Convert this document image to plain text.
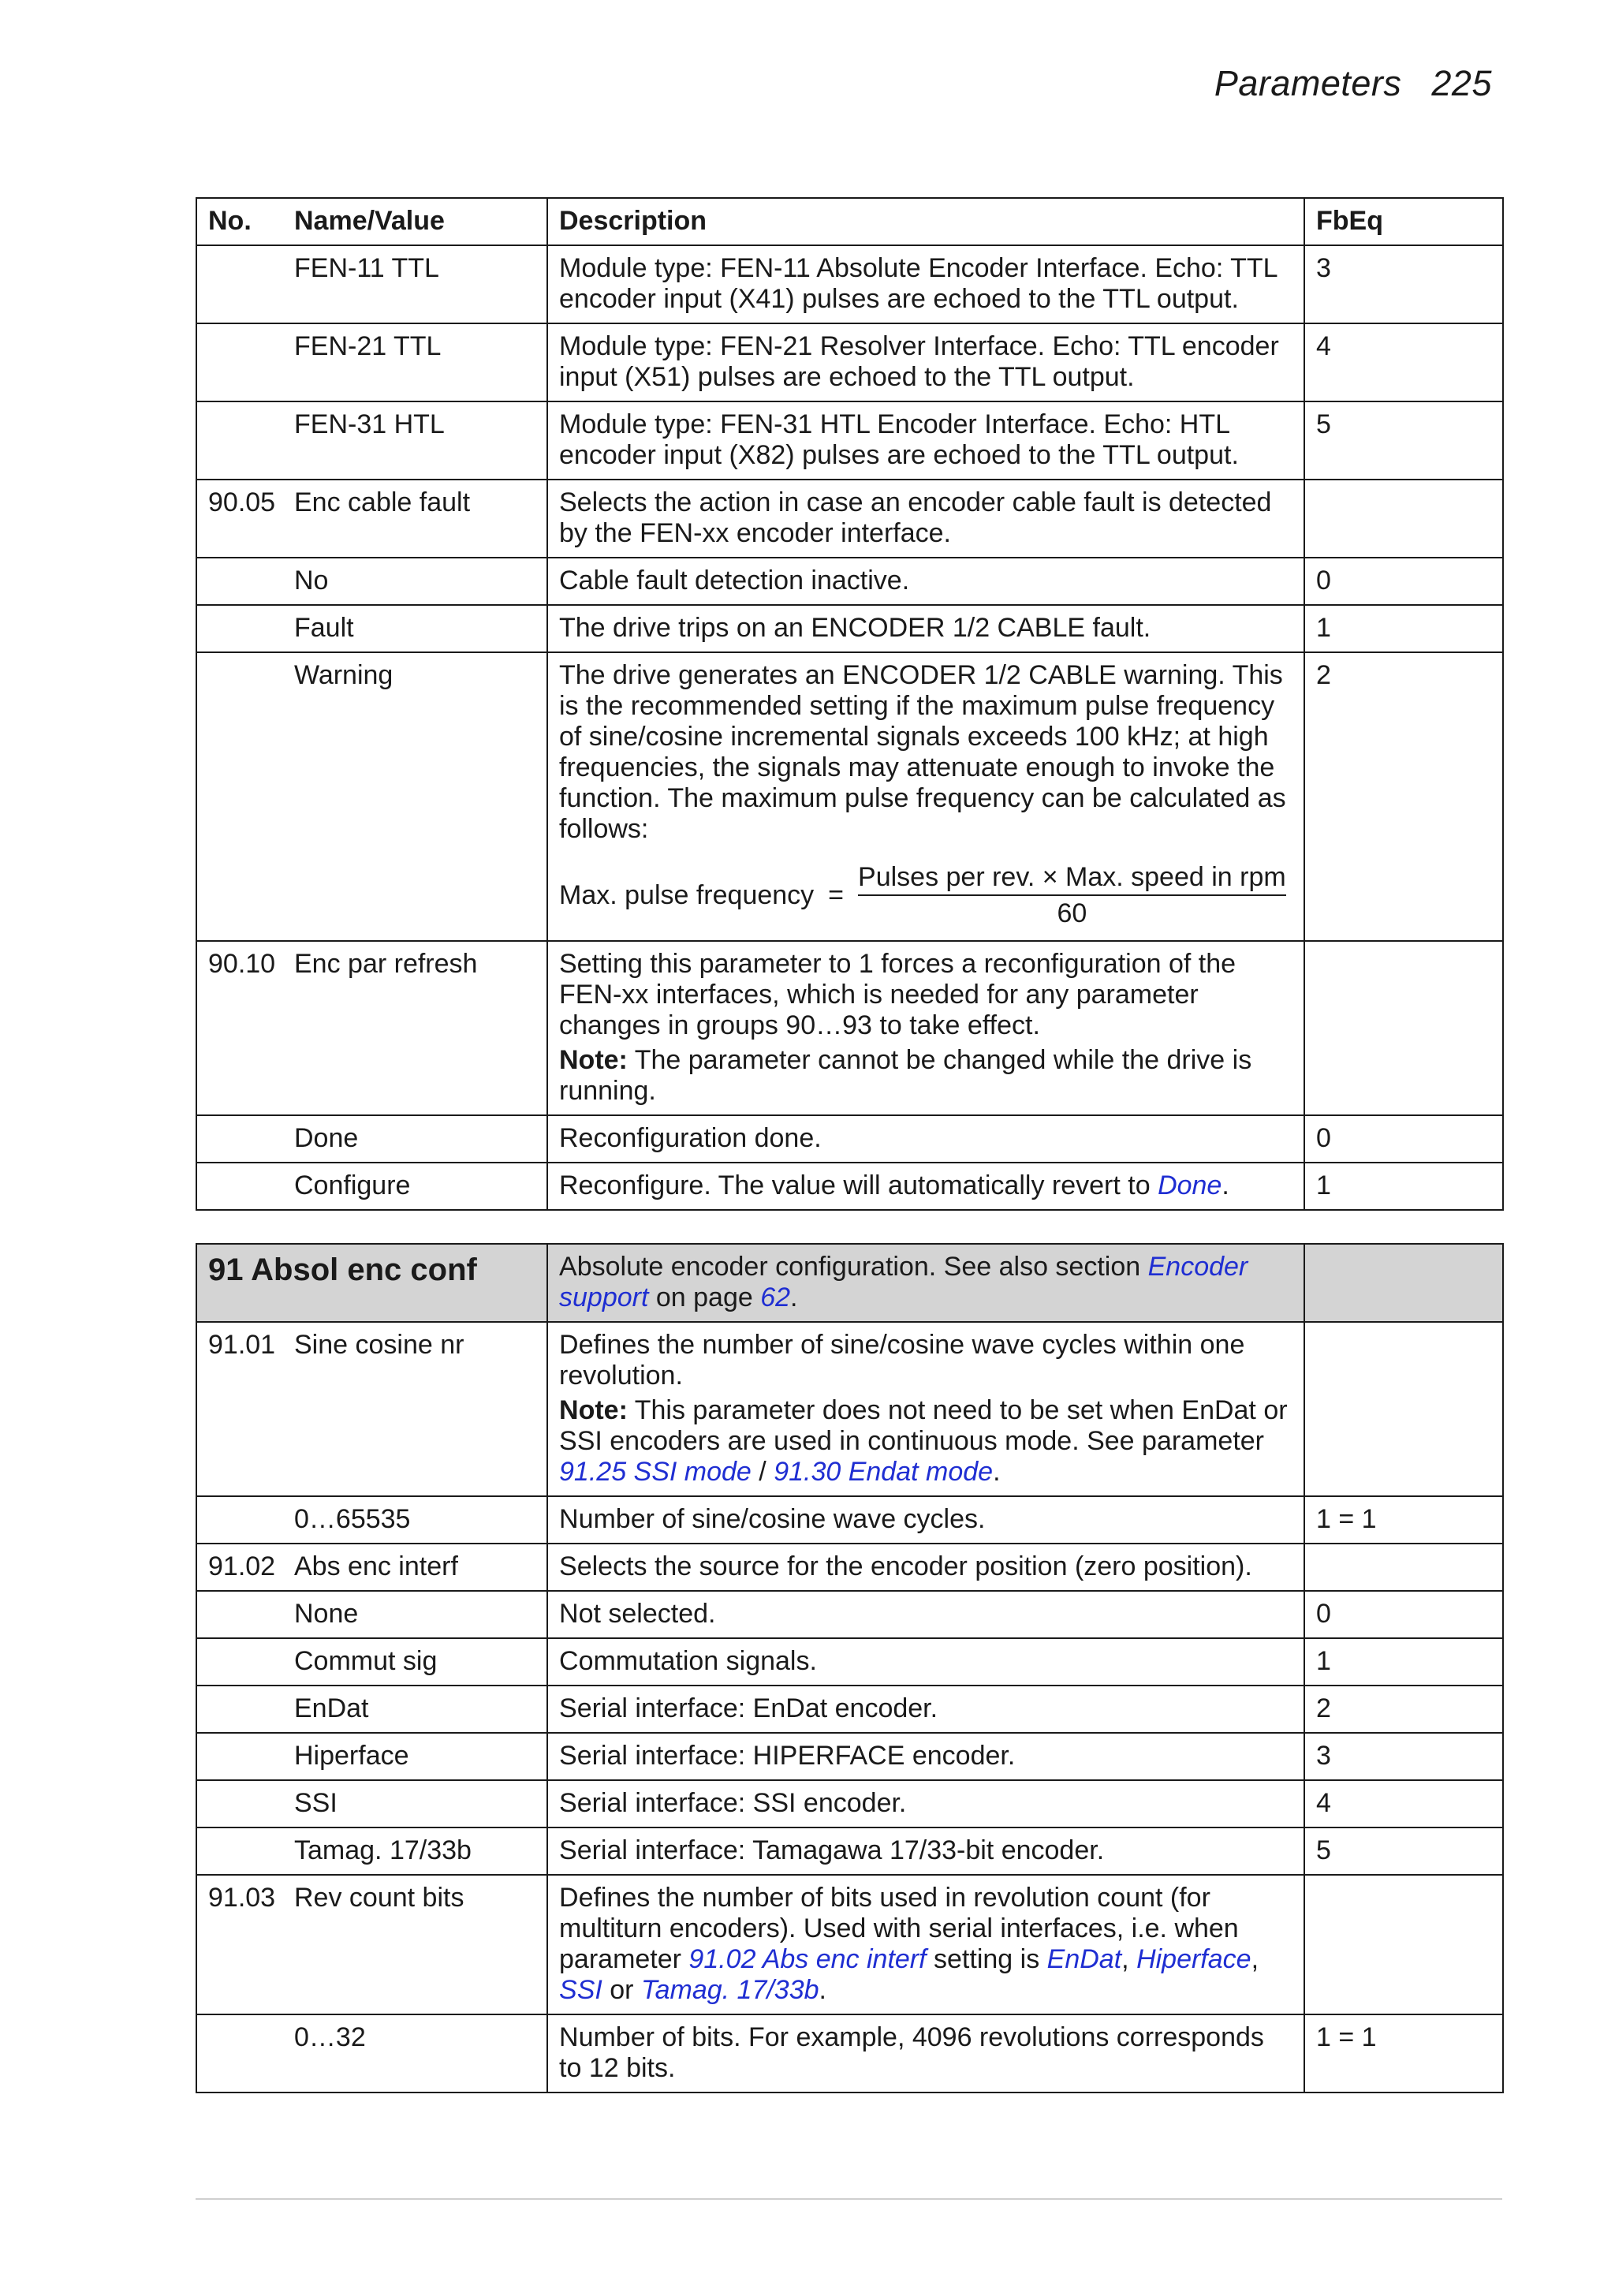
Parameters 225
No.	Name/Value	Description	FbEq
	FEN-11 TTL	Module type: FEN-11 Absolute Encoder Interface. Echo: TTL encoder input (X41) pulses are echoed to the TTL output.	3
	FEN-21 TTL	Module type: FEN-21 Resolver Interface. Echo: TTL encoder input (X51) pulses are echoed to the TTL output.	4
	FEN-31 HTL	Module type: FEN-31 HTL Encoder Interface. Echo: HTL encoder input (X82) pulses are echoed to the TTL output.	5
90.05	Enc cable fault	Selects the action in case an encoder cable fault is detected by the FEN-xx encoder interface.	
	No	Cable fault detection inactive.	0
	Fault	The drive trips on an ENCODER 1/2 CABLE fault.	1
	Warning	The drive generates an ENCODER 1/2 CABLE warning. This is the recommended setting if the maximum pulse frequency of sine/cosine incremental signals exceeds 100 kHz; at high frequencies, the signals may attenuate enough to invoke the function. The maximum pulse frequency can be calculated as follows:
Max. pulse frequency = $\frac{\text{Pulses per rev. × Max. speed in rpm}}{60}$	2
90.10	Enc par refresh	Setting this parameter to 1 forces a reconfiguration of the FEN-xx interfaces, which is needed for any parameter changes in groups 90…93 to take effect.
Note: The parameter cannot be changed while the drive is running.	

	Done	Reconfiguration done.	0
	Configure	Reconfigure. The value will automatically revert to Done.	1
91 Absol enc conf		Absolute encoder configuration. See also section Encoder support on page 62.	
91.01	Sine cosine nr	Defines the number of sine/cosine wave cycles within one revolution.
Note: This parameter does not need to be set when EnDat or SSI encoders are used in continuous mode. See parameter 91.25 SSI mode / 91.30 Endat mode.	

	0…65535	Number of sine/cosine wave cycles.	1 = 1
91.02	Abs enc interf	Selects the source for the encoder position (zero position).	
	None	Not selected.	0
	Commut sig	Commutation signals.	1
	EnDat	Serial interface: EnDat encoder.	2
	Hiperface	Serial interface: HIPERFACE encoder.	3
	SSI	Serial interface: SSI encoder.	4
	Tamag. 17/33b	Serial interface: Tamagawa 17/33-bit encoder.	5
91.03	Rev count bits	Defines the number of bits used in revolution count (for multiturn encoders). Used with serial interfaces, i.e. when parameter 91.02 Abs enc interf setting is EnDat, Hiperface, SSI or Tamag. 17/33b.	
	0…32	Number of bits. For example, 4096 revolutions corresponds to 12 bits.	1 = 1
